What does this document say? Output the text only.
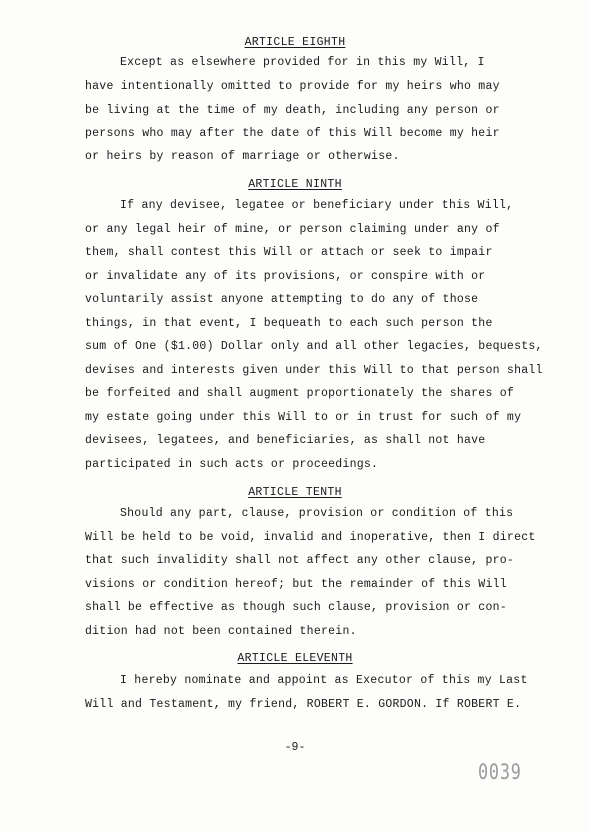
ARTICLE EIGHTH
Except as elsewhere provided for in this my Will, I
have intentionally omitted to provide for my heirs who may
be living at the time of my death, including any person or
persons who may after the date of this Will become my heir
or heirs by reason of marriage or otherwise.
ARTICLE NINTH
If any devisee, legatee or beneficiary under this Will,
or any legal heir of mine, or person claiming under any of
them, shall contest this Will or attach or seek to impair
or invalidate any of its provisions, or conspire with or
voluntarily assist anyone attempting to do any of those
things, in that event, I bequeath to each such person the
sum of One ($1.00) Dollar only and all other legacies, bequests,
devises and interests given under this Will to that person shall
be forfeited and shall augment proportionately the shares of
my estate going under this Will to or in trust for such of my
devisees, legatees, and beneficiaries, as shall not have
participated in such acts or proceedings.
ARTICLE TENTH
Should any part, clause, provision or condition of this
Will be held to be void, invalid and inoperative, then I direct
that such invalidity shall not affect any other clause, pro-
visions or condition hereof; but the remainder of this Will
shall be effective as though such clause, provision or con-
dition had not been contained therein.
ARTICLE ELEVENTH
I hereby nominate and appoint as Executor of this my Last
Will and Testament, my friend, ROBERT E. GORDON. If ROBERT E.
-9-
0039
